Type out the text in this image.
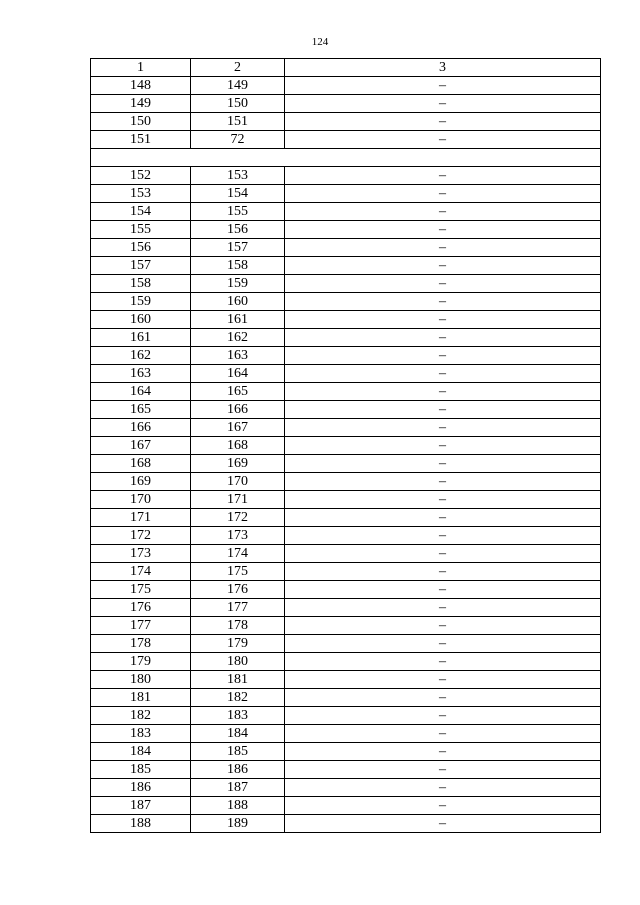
124
1	2	3
148	149	–
149	150	–
150	151	–
151	72	–

152	153	–
153	154	–
154	155	–
155	156	–
156	157	–
157	158	–
158	159	–
159	160	–
160	161	–
161	162	–
162	163	–
163	164	–
164	165	–
165	166	–
166	167	–
167	168	–
168	169	–
169	170	–
170	171	–
171	172	–
172	173	–
173	174	–
174	175	–
175	176	–
176	177	–
177	178	–
178	179	–
179	180	–
180	181	–
181	182	–
182	183	–
183	184	–
184	185	–
185	186	–
186	187	–
187	188	–
188	189	–
